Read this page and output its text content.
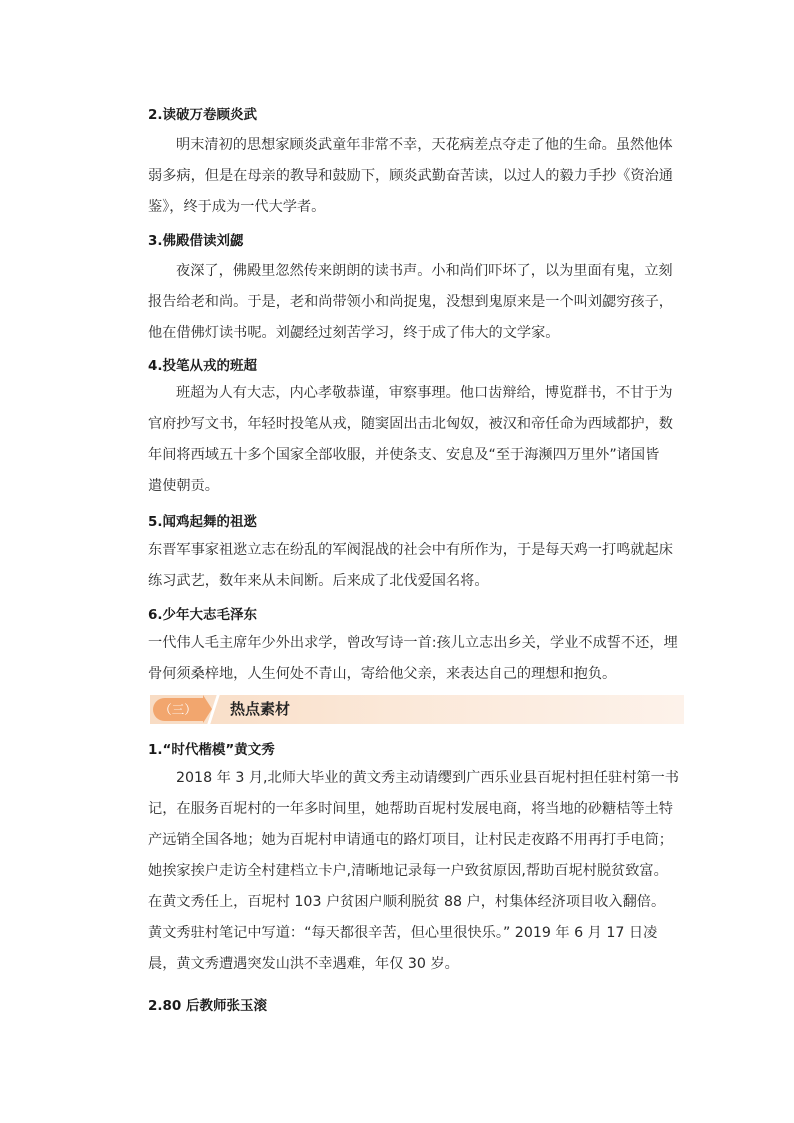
2.读破万卷顾炎武
明末清初的思想家顾炎武童年非常不幸，天花病差点夺走了他的生命。虽然他体
弱多病，但是在母亲的教导和鼓励下，顾炎武勤奋苦读，以过人的毅力手抄《资治通
鉴》，终于成为一代大学者。
3.佛殿借读刘勰
夜深了，佛殿里忽然传来朗朗的读书声。小和尚们吓坏了，以为里面有鬼，立刻
报告给老和尚。于是，老和尚带领小和尚捉鬼，没想到鬼原来是一个叫刘勰穷孩子，
他在借佛灯读书呢。刘勰经过刻苦学习，终于成了伟大的文学家。
4.投笔从戎的班超
班超为人有大志，内心孝敬恭谨，审察事理。他口齿辩给，博览群书，不甘于为
官府抄写文书，年轻时投笔从戎，随窦固出击北匈奴，被汉和帝任命为西域都护，数
年间将西域五十多个国家全部收服，并使条支、安息及“至于海濒四万里外”诸国皆
遣使朝贡。
5.闻鸡起舞的祖逖
东晋军事家祖逖立志在纷乱的军阀混战的社会中有所作为，于是每天鸡一打鸣就起床
练习武艺，数年来从未间断。后来成了北伐爱国名将。
6.少年大志毛泽东
一代伟人毛主席年少外出求学，曾改写诗一首:孩儿立志出乡关，学业不成誓不还，埋
骨何须桑梓地，人生何处不青山，寄给他父亲，来表达自己的理想和抱负。
（三）	热点素材
1.“时代楷模”黄文秀
2018 年 3 月,北师大毕业的黄文秀主动请缨到广西乐业县百坭村担任驻村第一书
记，在服务百坭村的一年多时间里，她帮助百坭村发展电商，将当地的砂糖桔等土特
产远销全国各地；她为百坭村申请通屯的路灯项目，让村民走夜路不用再打手电筒；
她挨家挨户走访全村建档立卡户,清晰地记录每一户致贫原因,帮助百坭村脱贫致富。
在黄文秀任上，百坭村 103 户贫困户顺利脱贫 88 户，村集体经济项目收入翻倍。
黄文秀驻村笔记中写道：“每天都很辛苦，但心里很快乐。” 2019 年 6 月 17 日凌
晨，黄文秀遭遇突发山洪不幸遇难，年仅 30 岁。
2.80 后教师张玉滚
